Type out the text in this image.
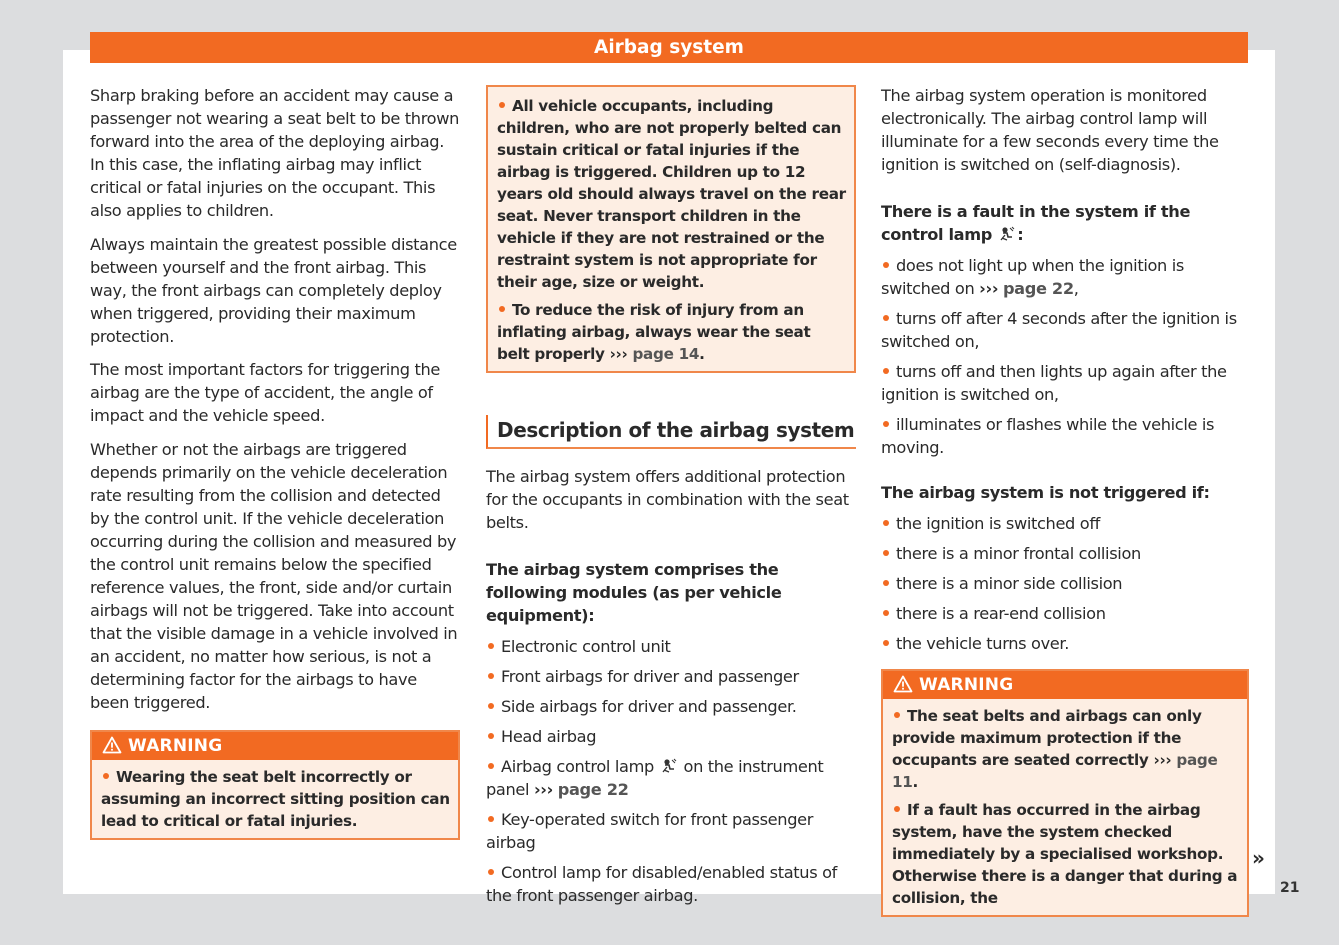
Airbag system

Sharp braking before an accident may cause a passenger not wearing a seat belt to be thrown forward into the area of the deploying airbag. In this case, the inflating airbag may inflict critical or fatal injuries on the occupant. This also applies to children.

Always maintain the greatest possible distance between yourself and the front airbag. This way, the front airbags can completely deploy when triggered, providing their maximum protection.

The most important factors for triggering the airbag are the type of accident, the angle of impact and the vehicle speed.

Whether or not the airbags are triggered depends primarily on the vehicle deceleration rate resulting from the collision and detected by the control unit. If the vehicle deceleration occurring during the collision and measured by the control unit remains below the specified reference values, the front, side and/or curtain airbags will not be triggered. Take into account that the visible damage in a vehicle involved in an accident, no matter how serious, is not a determining factor for the airbags to have been triggered.

WARNING
Wearing the seat belt incorrectly or assuming an incorrect sitting position can lead to critical or fatal injuries.
All vehicle occupants, including children, who are not properly belted can sustain critical or fatal injuries if the airbag is triggered. Children up to 12 years old should always travel on the rear seat. Never transport children in the vehicle if they are not restrained or the restraint system is not appropriate for their age, size or weight.
To reduce the risk of injury from an inflating airbag, always wear the seat belt properly ››› page 14.
Description of the airbag system

The airbag system offers additional protection for the occupants in combination with the seat belts.

The airbag system comprises the following modules (as per vehicle equipment):

Electronic control unit
Front airbags for driver and passenger
Side airbags for driver and passenger.
Head airbag
Airbag control lamp on the instrument panel ››› page 22
Key-operated switch for front passenger airbag
Control lamp for disabled/enabled status of the front passenger airbag.

The airbag system operation is monitored electronically. The airbag control lamp will illuminate for a few seconds every time the ignition is switched on (self-diagnosis).

There is a fault in the system if the control lamp :

does not light up when the ignition is switched on ››› page 22,
turns off after 4 seconds after the ignition is switched on,
turns off and then lights up again after the ignition is switched on,
illuminates or flashes while the vehicle is moving.

The airbag system is not triggered if:

the ignition is switched off
there is a minor frontal collision
there is a minor side collision
there is a rear-end collision
the vehicle turns over.
WARNING
The seat belts and airbags can only provide maximum protection if the occupants are seated correctly ››› page 11.
If a fault has occurred in the airbag system, have the system checked immediately by a specialised workshop. Otherwise there is a danger that during a collision, the
»
21
